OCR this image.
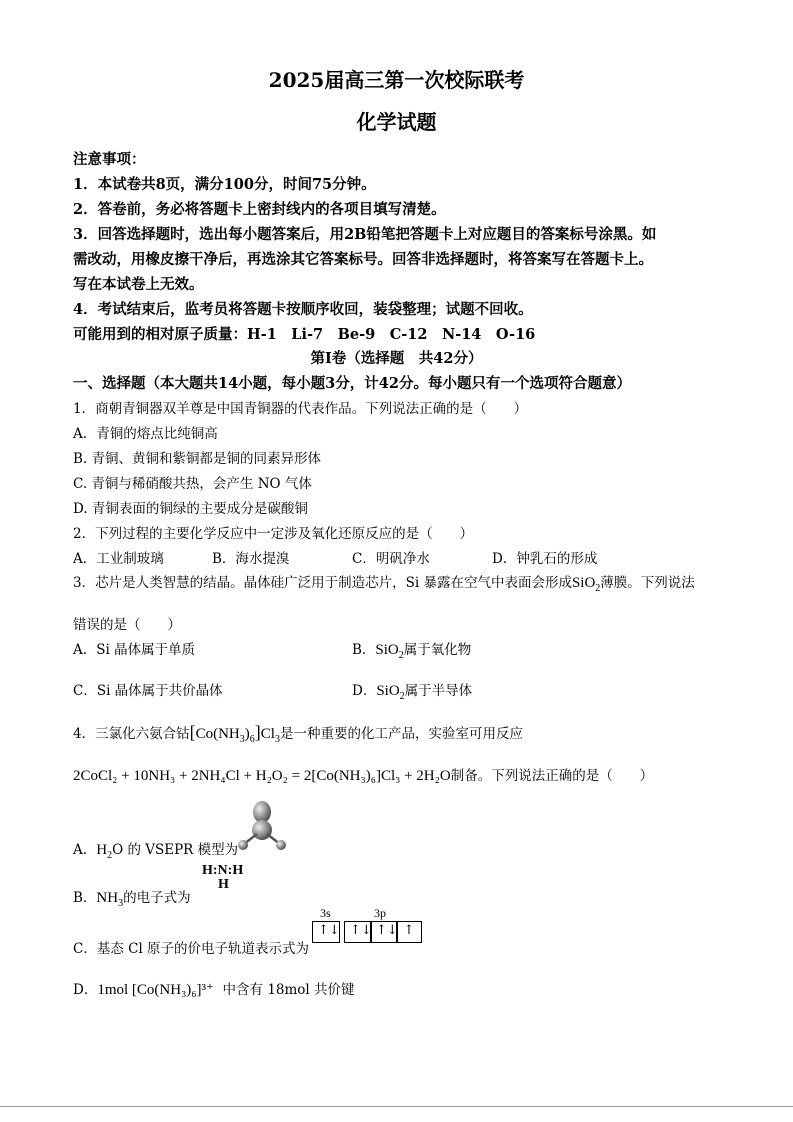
2025届高三第一次校际联考
化学试题
注意事项：
1．本试卷共8页，满分100分，时间75分钟。
2．答卷前，务必将答题卡上密封线内的各项目填写清楚。
3．回答选择题时，选出每小题答案后，用2B铅笔把答题卡上对应题目的答案标号涂黑。如
需改动，用橡皮擦干净后，再选涂其它答案标号。回答非选择题时，将答案写在答题卡上。
写在本试卷上无效。
4．考试结束后，监考员将答题卡按顺序收回，装袋整理；试题不回收。
可能用到的相对原子质量：H-1　Li-7　Be-9　C-12　N-14　O-16
第Ⅰ卷（选择题　共42分）
一、选择题（本大题共14小题，每小题3分，计42分。每小题只有一个选项符合题意）
1．商朝青铜器双羊尊是中国青铜器的代表作品。下列说法正确的是（　　）
A．青铜的熔点比纯铜高
B. 青铜、黄铜和紫铜都是铜的同素异形体
C. 青铜与稀硝酸共热，会产生 NO 气体
D. 青铜表面的铜绿的主要成分是碳酸铜
2．下列过程的主要化学反应中一定涉及氧化还原反应的是（　　）
A．工业制玻璃	B．海水提溴	C．明矾净水	D．钟乳石的形成
3．芯片是人类智慧的结晶。晶体硅广泛用于制造芯片，Si 暴露在空气中表面会形成SiO$_2$薄膜。下列说法
错误的是（　　）
A．Si 晶体属于单质	B．SiO$_2$属于氧化物
C．Si 晶体属于共价晶体	D．SiO$_2$属于半导体
4．三氯化六氨合钴$[Co(NH_3)_6]Cl_3$是一种重要的化工产品，实验室可用反应
2CoCl₂ + 10NH₃ + 2NH₄Cl + H₂O₂ = 2[Co(NH₃)₆]Cl₃ + 2H₂O制备。下列说法正确的是（　　）
A．$H_2O$ 的 VSEPR 模型为
B．$NH_3$的电子式为
H:N:H
H
C．基态 Cl 原子的价电子轨道表示式为
3s	3p
↑↓ ↑↓ ↑↓ ↑
D．1mol [Co(NH₃)₆]³⁺ 中含有 18mol 共价键
